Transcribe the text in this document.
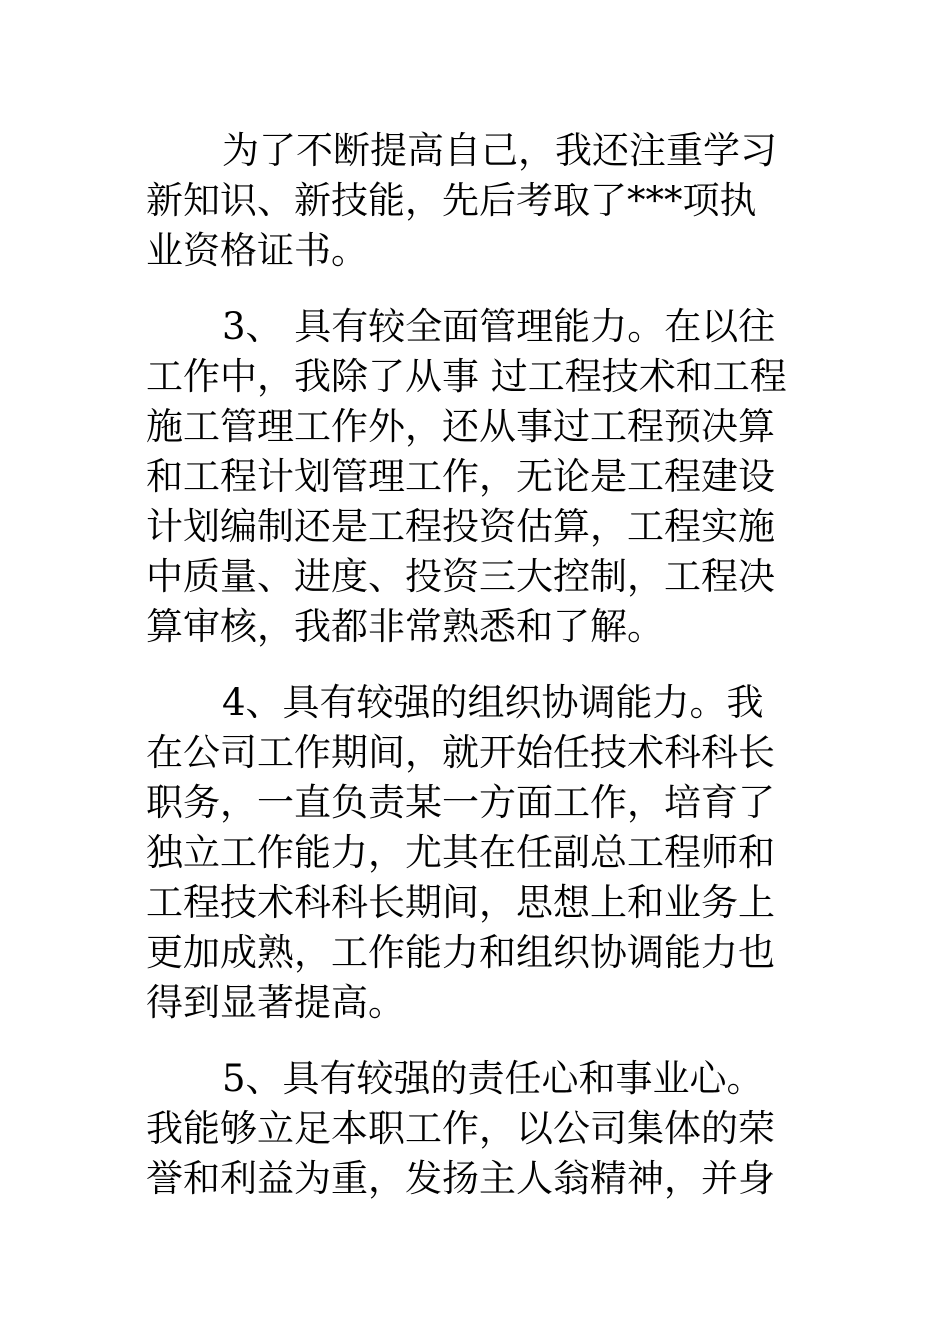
为了不断提高自己，我还注重学习

新知识、新技能，先后考取了***项执

业资格证书。

3、 具有较全面管理能力。在以往

工作中，我除了从事 过工程技术和工程

施工管理工作外，还从事过工程预决算

和工程计划管理工作，无论是工程建设

计划编制还是工程投资估算，工程实施

中质量、进度、投资三大控制，工程决

算审核，我都非常熟悉和了解。

4、具有较强的组织协调能力。我

在公司工作期间，就开始任技术科科长

职务，一直负责某一方面工作，培育了

独立工作能力，尤其在任副总工程师和

工程技术科科长期间，思想上和业务上

更加成熟，工作能力和组织协调能力也

得到显著提高。

5、具有较强的责任心和事业心。

我能够立足本职工作，以公司集体的荣

誉和利益为重，发扬主人翁精神，并身
